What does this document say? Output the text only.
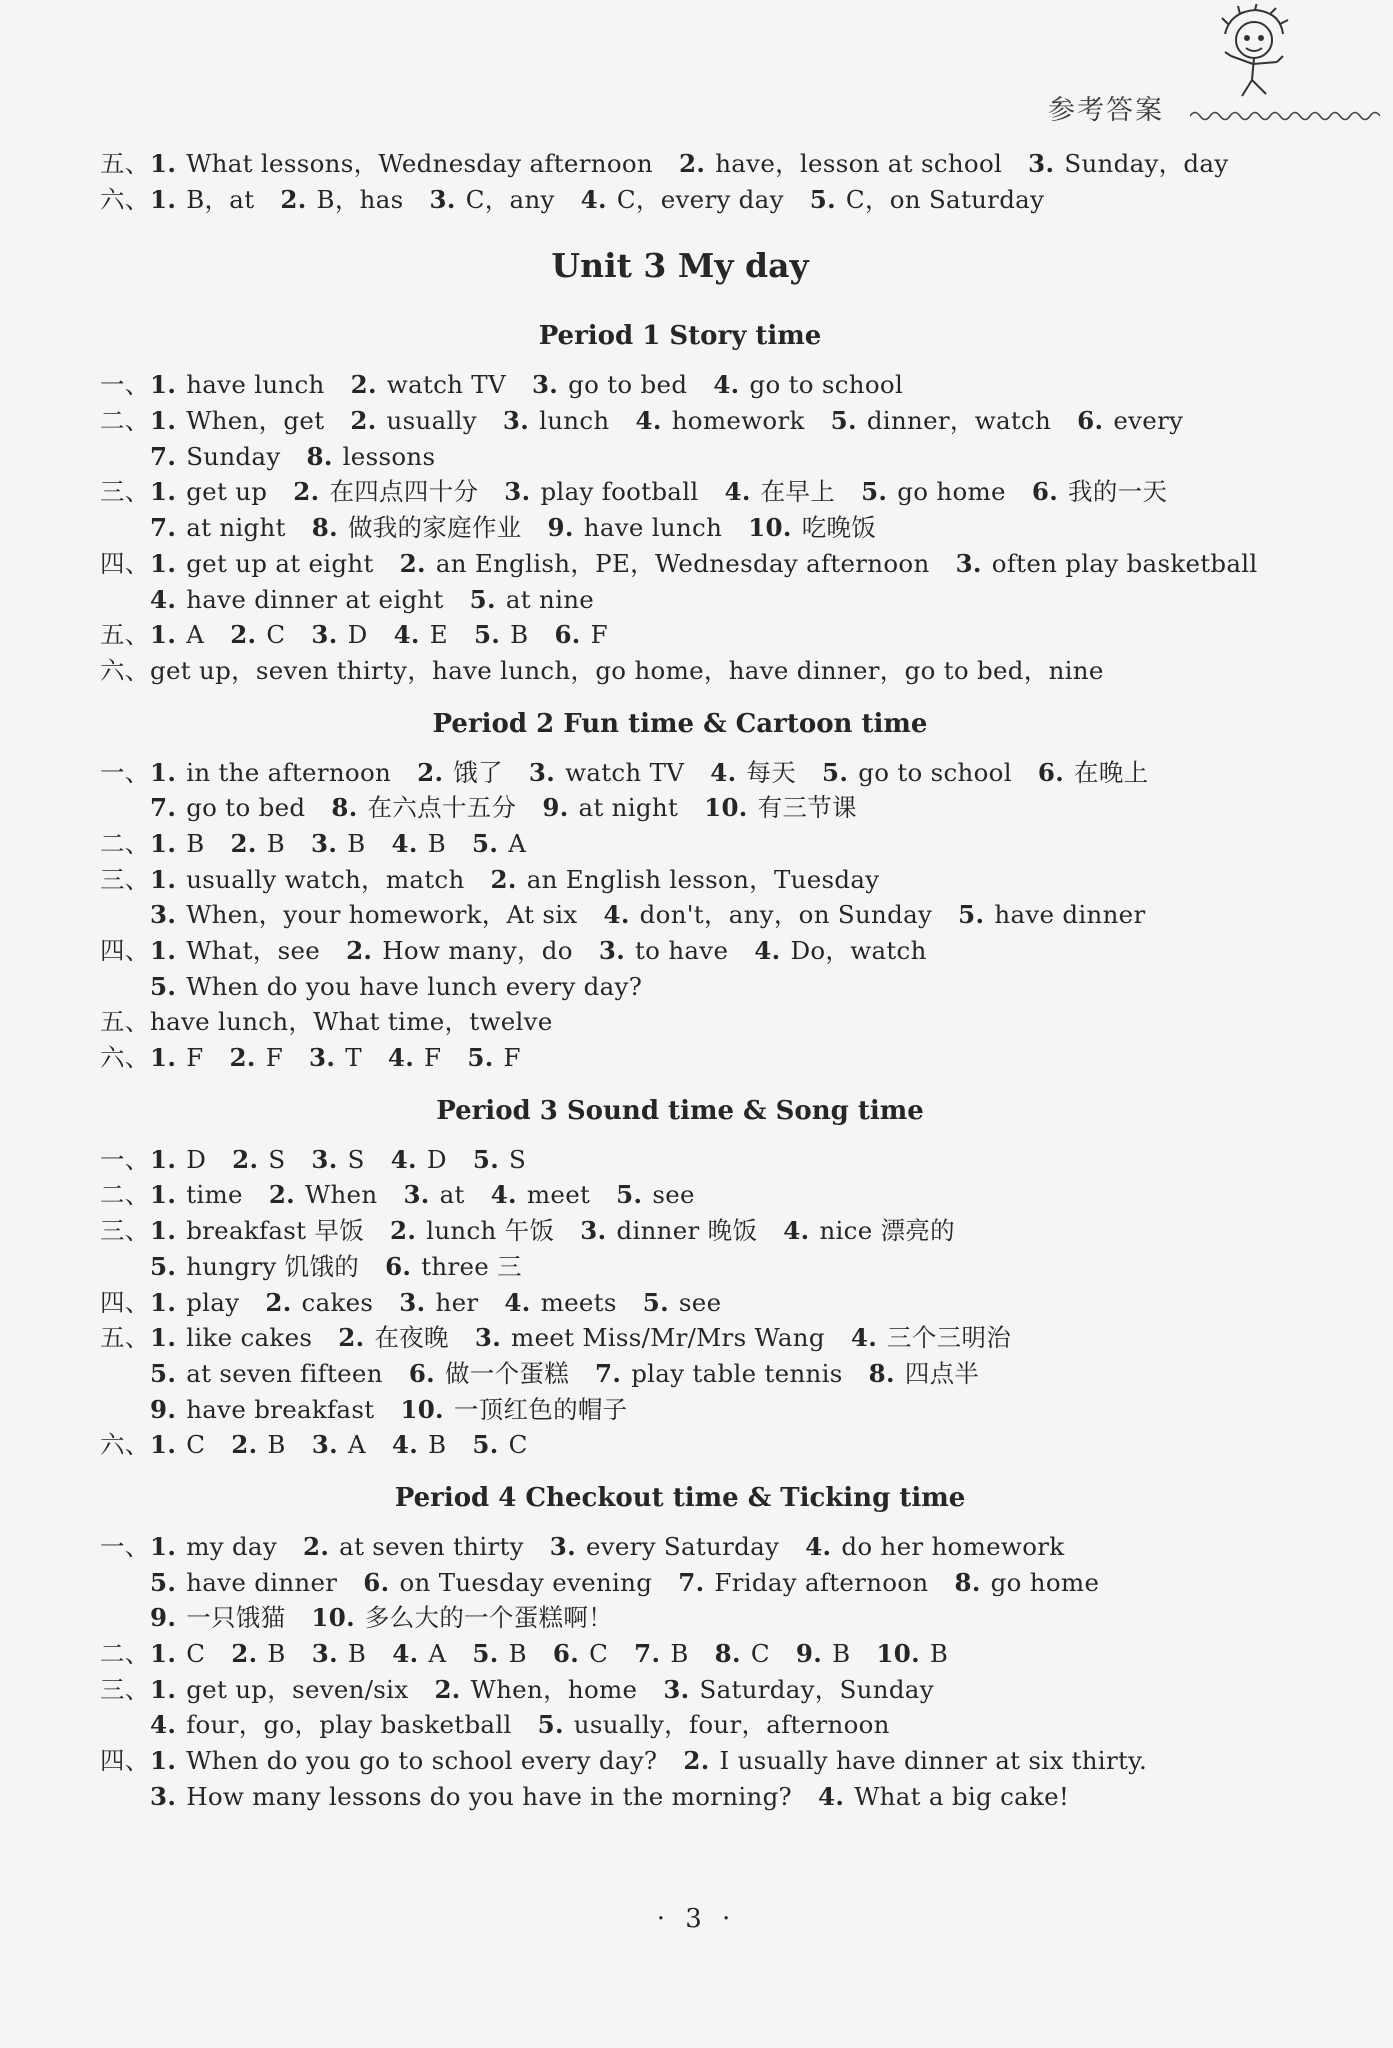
参考答案
五、1. What lessons，Wednesday afternoon 2. have，lesson at school 3. Sunday，day
六、1. B，at 2. B，has 3. C，any 4. C，every day 5. C，on Saturday
Unit 3 My day
Period 1 Story time
一、1. have lunch 2. watch TV 3. go to bed 4. go to school
二、1. When，get 2. usually 3. lunch 4. homework 5. dinner，watch 6. every
7. Sunday 8. lessons
三、1. get up 2. 在四点四十分 3. play football 4. 在早上 5. go home 6. 我的一天
7. at night 8. 做我的家庭作业 9. have lunch 10. 吃晚饭
四、1. get up at eight 2. an English，PE，Wednesday afternoon 3. often play basketball
4. have dinner at eight 5. at nine
五、1. A 2. C 3. D 4. E 5. B 6. F
六、get up，seven thirty，have lunch，go home，have dinner，go to bed，nine
Period 2 Fun time & Cartoon time
一、1. in the afternoon 2. 饿了 3. watch TV 4. 每天 5. go to school 6. 在晚上
7. go to bed 8. 在六点十五分 9. at night 10. 有三节课
二、1. B 2. B 3. B 4. B 5. A
三、1. usually watch，match 2. an English lesson，Tuesday
3. When，your homework，At six 4. don't，any，on Sunday 5. have dinner
四、1. What，see 2. How many，do 3. to have 4. Do，watch
5. When do you have lunch every day?
五、have lunch，What time，twelve
六、1. F 2. F 3. T 4. F 5. F
Period 3 Sound time & Song time
一、1. D 2. S 3. S 4. D 5. S
二、1. time 2. When 3. at 4. meet 5. see
三、1. breakfast 早饭 2. lunch 午饭 3. dinner 晚饭 4. nice 漂亮的
5. hungry 饥饿的 6. three 三
四、1. play 2. cakes 3. her 4. meets 5. see
五、1. like cakes 2. 在夜晚 3. meet Miss/Mr/Mrs Wang 4. 三个三明治
5. at seven fifteen 6. 做一个蛋糕 7. play table tennis 8. 四点半
9. have breakfast 10. 一顶红色的帽子
六、1. C 2. B 3. A 4. B 5. C
Period 4 Checkout time & Ticking time
一、1. my day 2. at seven thirty 3. every Saturday 4. do her homework
5. have dinner 6. on Tuesday evening 7. Friday afternoon 8. go home
9. 一只饿猫 10. 多么大的一个蛋糕啊！
二、1. C 2. B 3. B 4. A 5. B 6. C 7. B 8. C 9. B 10. B
三、1. get up，seven/six 2. When，home 3. Saturday，Sunday
4. four，go，play basketball 5. usually，four，afternoon
四、1. When do you go to school every day? 2. I usually have dinner at six thirty.
3. How many lessons do you have in the morning? 4. What a big cake!
· 3 ·
